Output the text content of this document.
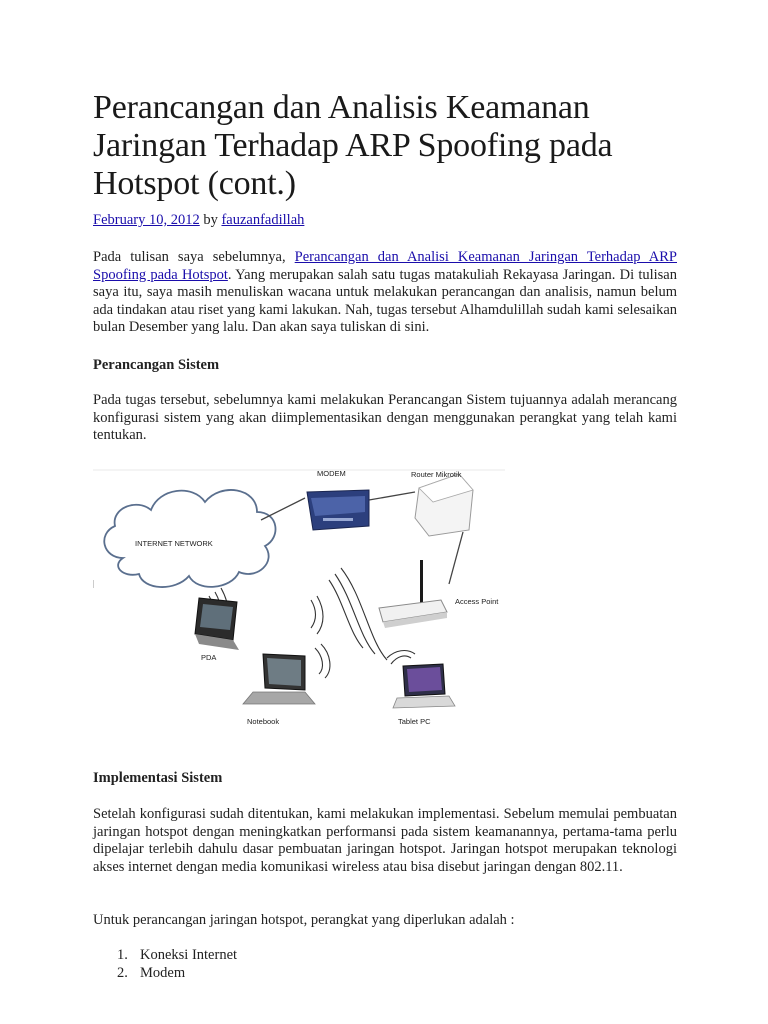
Perancangan dan Analisis Keamanan Jaringan Terhadap ARP Spoofing pada Hotspot (cont.)
February 10, 2012 by fauzanfadillah

Pada tulisan saya sebelumnya, Perancangan dan Analisi Keamanan Jaringan Terhadap ARP Spoofing pada Hotspot. Yang merupakan salah satu tugas matakuliah Rekayasa Jaringan. Di tulisan saya itu, saya masih menuliskan wacana untuk melakukan perancangan dan analisis, namun belum ada tindakan atau riset yang kami lakukan. Nah, tugas tersebut Alhamdulillah sudah kami selesaikan bulan Desember yang lalu. Dan akan saya tuliskan di sini.

Perancangan Sistem

Pada tugas tersebut, sebelumnya kami melakukan Perancangan Sistem tujuannya adalah merancang konfigurasi sistem yang akan diimplementasikan dengan menggunakan perangkat yang telah kami tentukan.

INTERNET NETWORK
MODEM	Router Mikrotik
Access Point
PDA
Notebook	Tablet PC
Implementasi Sistem

Setelah konfigurasi sudah ditentukan, kami melakukan implementasi. Sebelum memulai pembuatan jaringan hotspot dengan meningkatkan performansi pada sistem keamanannya, pertama-tama perlu dipelajar terlebih dahulu dasar pembuatan jaringan hotspot. Jaringan hotspot merupakan teknologi akses internet dengan media komunikasi wireless atau bisa disebut jaringan dengan 802.11.

Untuk perancangan jaringan hotspot, perangkat yang diperlukan adalah :

1. Koneksi Internet
2. Modem
